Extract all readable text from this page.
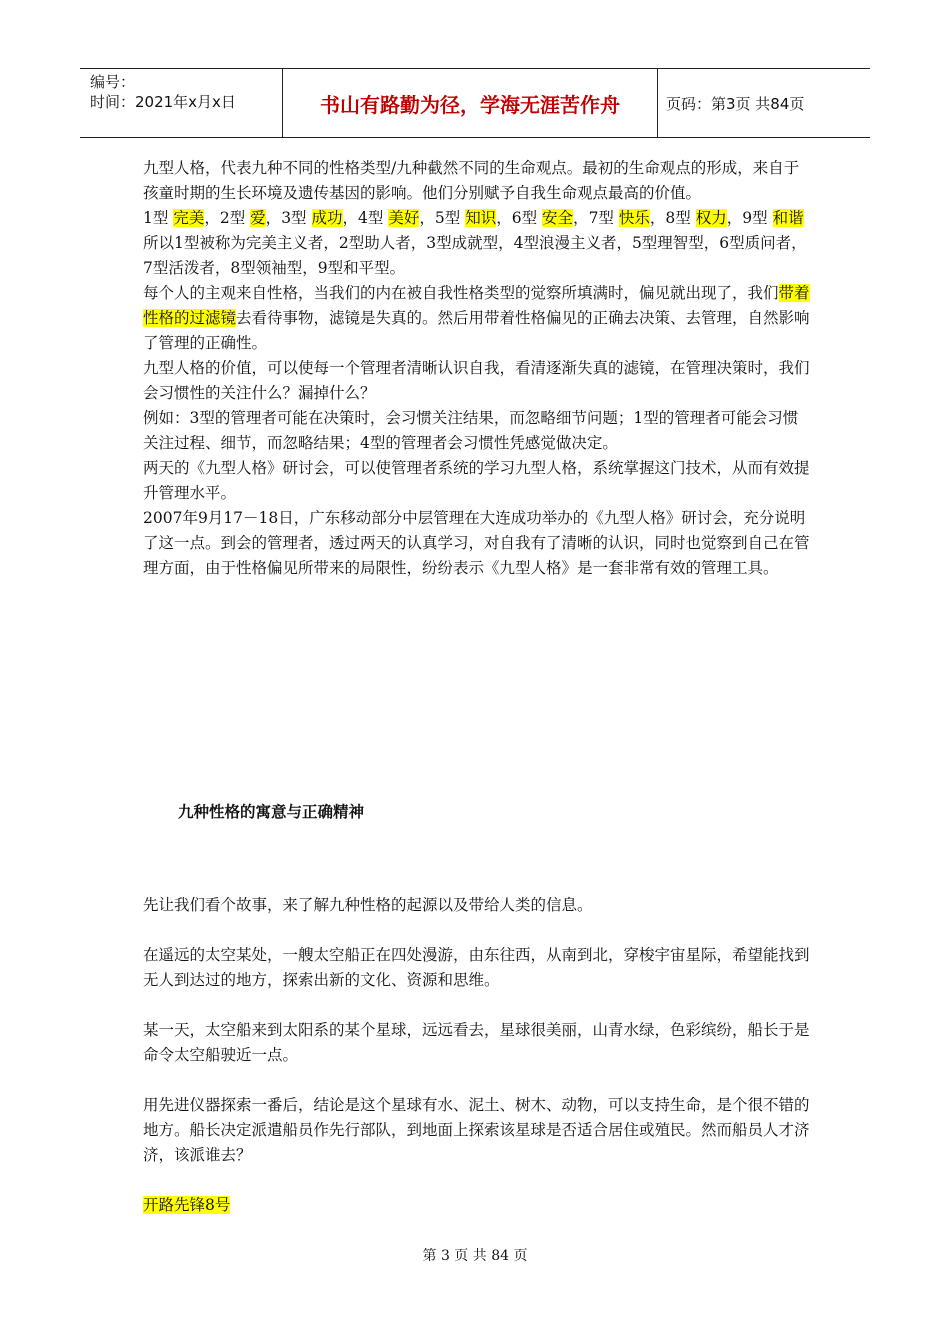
编号：
时间：2021年x月x日	书山有路勤为径，学海无涯苦作舟	页码：第3页 共84页

九型人格，代表九种不同的性格类型/九种截然不同的生命观点。最初的生命观点的形成，来自于孩童时期的生长环境及遗传基因的影响。他们分别赋予自我生命观点最高的价值。

1型 完美，2型 爱，3型 成功，4型 美好，5型 知识，6型 安全，7型 快乐，8型 权力，9型 和谐

所以1型被称为完美主义者，2型助人者，3型成就型，4型浪漫主义者，5型理智型，6型质问者，7型活泼者，8型领袖型，9型和平型。

每个人的主观来自性格，当我们的内在被自我性格类型的觉察所填满时，偏见就出现了，我们带着性格的过滤镜去看待事物，滤镜是失真的。然后用带着性格偏见的正确去决策、去管理，自然影响了管理的正确性。

九型人格的价值，可以使每一个管理者清晰认识自我，看清逐渐失真的滤镜，在管理决策时，我们会习惯性的关注什么？漏掉什么？

例如：3型的管理者可能在决策时，会习惯关注结果，而忽略细节问题；1型的管理者可能会习惯关注过程、细节，而忽略结果；4型的管理者会习惯性凭感觉做决定。

两天的《九型人格》研讨会，可以使管理者系统的学习九型人格，系统掌握这门技术，从而有效提升管理水平。

2007年9月17－18日，广东移动部分中层管理在大连成功举办的《九型人格》研讨会，充分说明了这一点。到会的管理者，透过两天的认真学习，对自我有了清晰的认识，同时也觉察到自己在管理方面，由于性格偏见所带来的局限性，纷纷表示《九型人格》是一套非常有效的管理工具。

九种性格的寓意与正确精神

先让我们看个故事，来了解九种性格的起源以及带给人类的信息。

在遥远的太空某处，一艘太空船正在四处漫游，由东往西，从南到北，穿梭宇宙星际，希望能找到无人到达过的地方，探索出新的文化、资源和思维。

某一天，太空船来到太阳系的某个星球，远远看去，星球很美丽，山青水绿，色彩缤纷，船长于是命令太空船驶近一点。

用先进仪器探索一番后，结论是这个星球有水、泥土、树木、动物，可以支持生命，是个很不错的地方。船长决定派遣船员作先行部队，到地面上探索该星球是否适合居住或殖民。然而船员人才济济，该派谁去？

开路先锋8号

第 3 页 共 84 页
